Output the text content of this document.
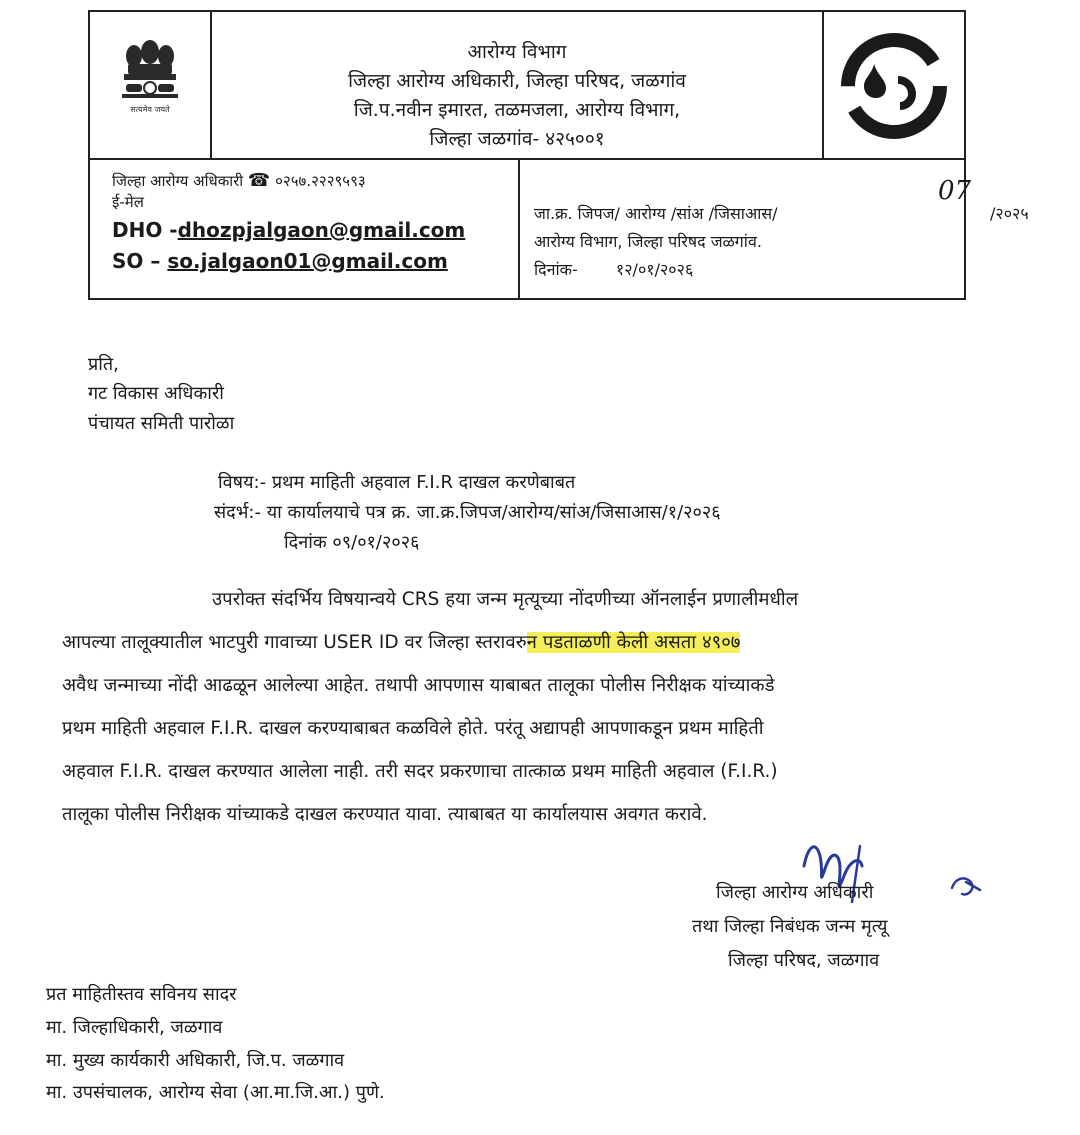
सत्यमेव जयते
आरोग्य विभाग
जिल्हा आरोग्य अधिकारी, जिल्हा परिषद, जळगांव
जि.प.नवीन इमारत, तळमजला, आरोग्य विभाग,
जिल्हा जळगांव- ४२५००१
जिल्हा आरोग्य अधिकारी ☎ ०२५७.२२२९५९३
ई-मेल
DHO -dhozpjalgaon@gmail.com
SO – so.jalgaon01@gmail.com
जा.क्र. जिपज/ आरोग्य /सांअ /जिसाआस/
07
/२०२५
आरोग्य विभाग, जिल्हा परिषद जळगांव.
दिनांक- १२/०१/२०२६
प्रति,
गट विकास अधिकारी
पंचायत समिती पारोळा
विषय:- प्रथम माहिती अहवाल F.I.R दाखल करणेबाबत
संदर्भ:- या कार्यालयाचे पत्र क्र. जा.क्र.जिपज/आरोग्य/सांअ/जिसाआस/१/२०२६
दिनांक ०९/०१/२०२६

उपरोक्त संदर्भिय विषयान्वये CRS हया जन्म मृत्यूच्या नोंदणीच्या ऑनलाईन प्रणालीमधील

आपल्या तालूक्यातील भाटपुरी गावाच्या USER ID वर जिल्हा स्तरावरुन पडताळणी केली असता ४९०७

अवैध जन्माच्या नोंदी आढळून आलेल्या आहेत. तथापी आपणास याबाबत तालूका पोलीस निरीक्षक यांच्याकडे

प्रथम माहिती अहवाल F.I.R. दाखल करण्याबाबत कळविले होते. परंतू अद्यापही आपणाकडून प्रथम माहिती

अहवाल F.I.R. दाखल करण्यात आलेला नाही. तरी सदर प्रकरणाचा तात्काळ प्रथम माहिती अहवाल (F.I.R.)

तालूका पोलीस निरीक्षक यांच्याकडे दाखल करण्यात यावा. त्याबाबत या कार्यालयास अवगत करावे.

जिल्हा आरोग्य अधिकारी
तथा जिल्हा निबंधक जन्म मृत्यू
जिल्हा परिषद, जळगाव
प्रत माहितीस्तव सविनय सादर
मा. जिल्हाधिकारी, जळगाव
मा. मुख्य कार्यकारी अधिकारी, जि.प. जळगाव
मा. उपसंचालक, आरोग्य सेवा (आ.मा.जि.आ.) पुणे.
